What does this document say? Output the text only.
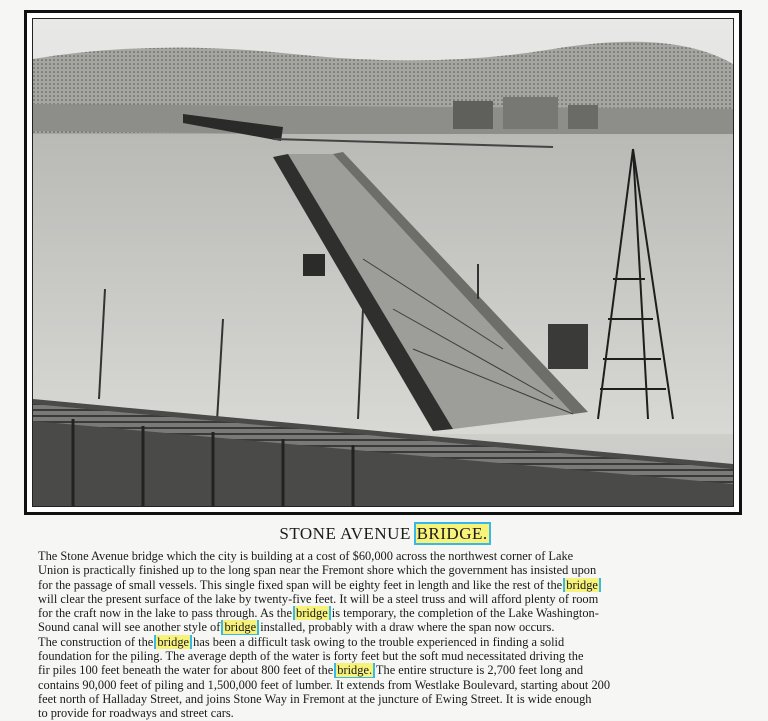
STONE AVENUE BRIDGE.
The Stone Avenue bridge which the city is building at a cost of $60,000 across the northwest corner of Lake
Union is practically finished up to the long span near the Fremont shore which the government has insisted upon
for the passage of small vessels. This single fixed span will be eighty feet in length and like the rest of the bridge
will clear the present surface of the lake by twenty-five feet. It will be a steel truss and will afford plenty of room
for the craft now in the lake to pass through. As the bridge is temporary, the completion of the Lake Washington-
Sound canal will see another style of bridge installed, probably with a draw where the span now occurs.
The construction of the bridge has been a difficult task owing to the trouble experienced in finding a solid
foundation for the piling. The average depth of the water is forty feet but the soft mud necessitated driving the
fir piles 100 feet beneath the water for about 800 feet of the bridge. The entire structure is 2,700 feet long and
contains 90,000 feet of piling and 1,500,000 feet of lumber. It extends from Westlake Boulevard, starting about 200
feet north of Halladay Street, and joins Stone Way in Fremont at the juncture of Ewing Street. It is wide enough
to provide for roadways and street cars.
